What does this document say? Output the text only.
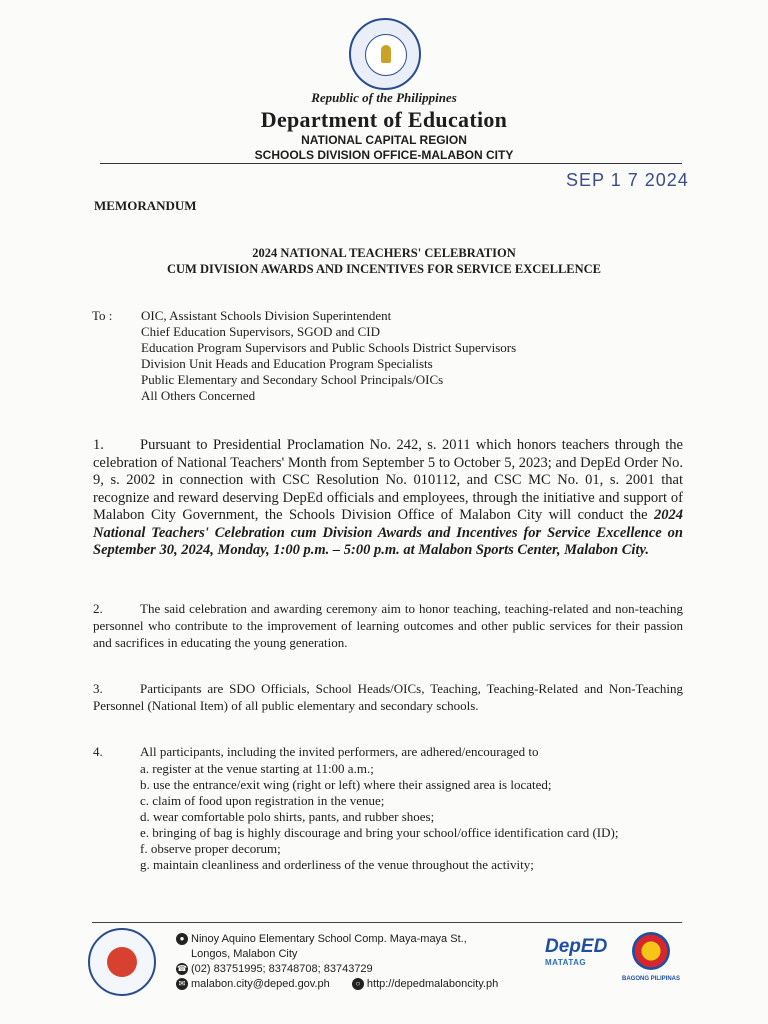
Republic of the Philippines
Department of Education
NATIONAL CAPITAL REGION
SCHOOLS DIVISION OFFICE-MALABON CITY
SEP 1 7 2024
MEMORANDUM
2024 NATIONAL TEACHERS' CELEBRATION
CUM DIVISION AWARDS AND INCENTIVES FOR SERVICE EXCELLENCE
To : OIC, Assistant Schools Division Superintendent
Chief Education Supervisors, SGOD and CID
Education Program Supervisors and Public Schools District Supervisors
Division Unit Heads and Education Program Specialists
Public Elementary and Secondary School Principals/OICs
All Others Concerned
1. Pursuant to Presidential Proclamation No. 242, s. 2011 which honors teachers through the celebration of National Teachers' Month from September 5 to October 5, 2023; and DepEd Order No. 9, s. 2002 in connection with CSC Resolution No. 010112, and CSC MC No. 01, s. 2001 that recognize and reward deserving DepEd officials and employees, through the initiative and support of Malabon City Government, the Schools Division Office of Malabon City will conduct the 2024 National Teachers' Celebration cum Division Awards and Incentives for Service Excellence on September 30, 2024, Monday, 1:00 p.m. – 5:00 p.m. at Malabon Sports Center, Malabon City.
2.	The said celebration and awarding ceremony aim to honor teaching, teaching-related and non-teaching personnel who contribute to the improvement of learning outcomes and other public services for their passion and sacrifices in educating the young generation.
3.	Participants are SDO Officials, School Heads/OICs, Teaching, Teaching-Related and Non-Teaching Personnel (National Item) of all public elementary and secondary schools.
4.	All participants, including the invited performers, are adhered/encouraged to
a. register at the venue starting at 11:00 a.m.;
b. use the entrance/exit wing (right or left) where their assigned area is located;
c. claim of food upon registration in the venue;
d. wear comfortable polo shirts, pants, and rubber shoes;
e. bringing of bag is highly discourage and bring your school/office identification card (ID);
f. observe proper decorum;
g. maintain cleanliness and orderliness of the venue throughout the activity;
● Ninoy Aquino Elementary School Comp. Maya-maya St.,
Longos, Malabon City
☎ (02) 83751995; 83748708; 83743729
✉ malabon.city@deped.gov.ph	○ http://depedmalaboncity.ph
DepED
MATATAG
BAGONG PILIPINAS
